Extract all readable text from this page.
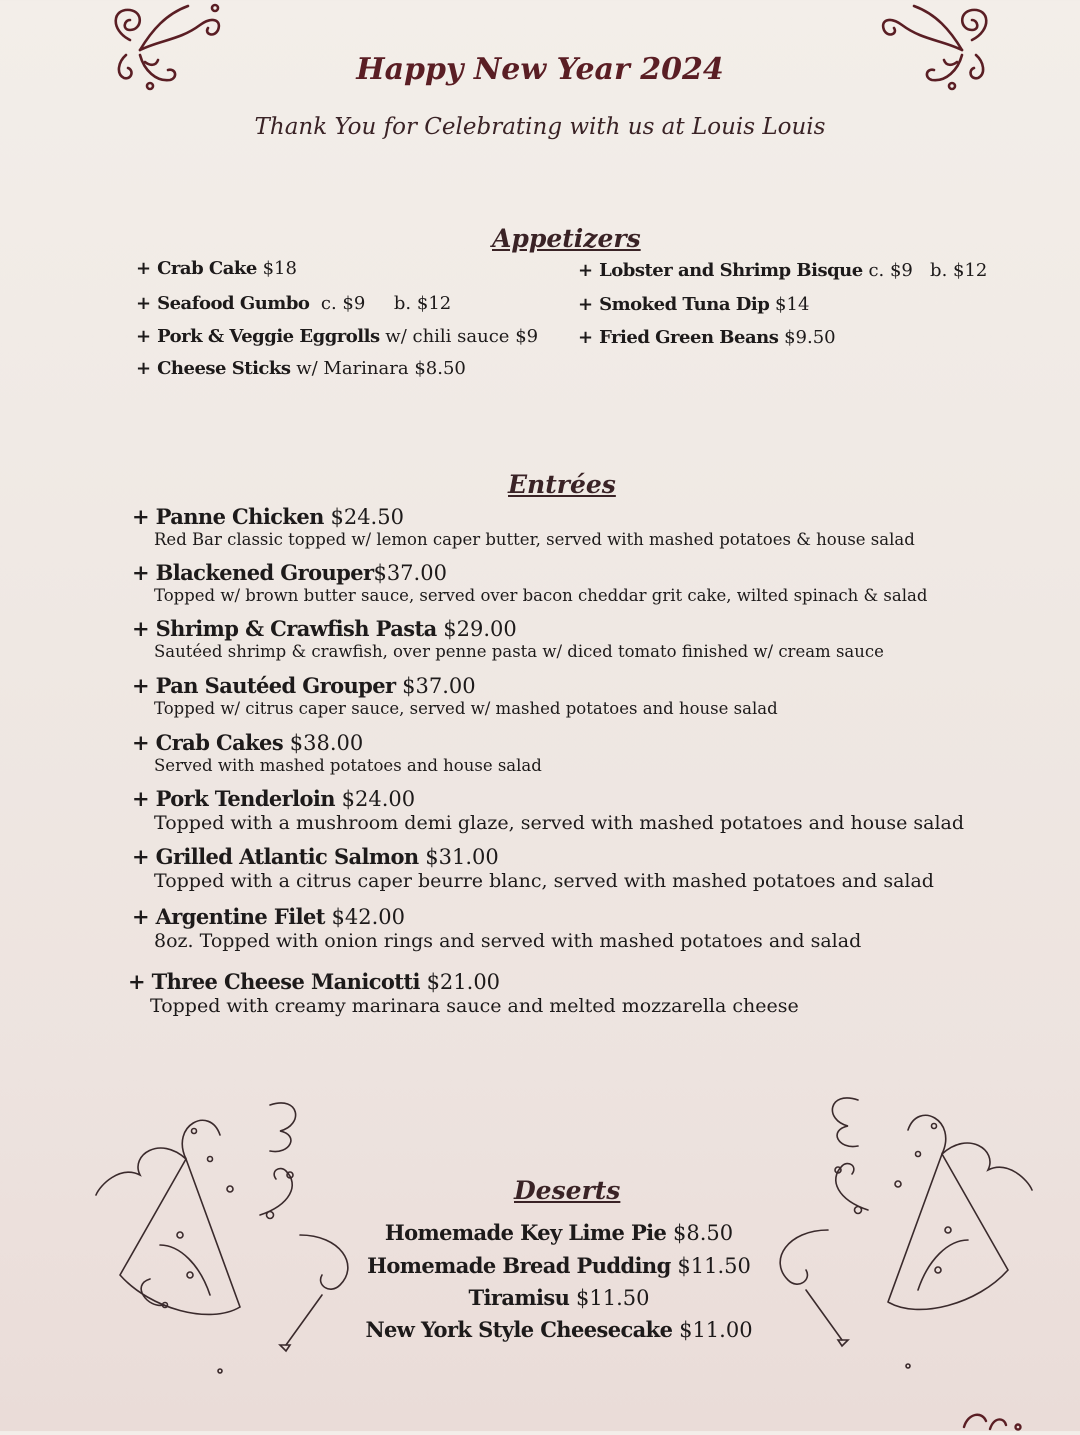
Happy New Year 2024
Thank You for Celebrating with us at Louis Louis
Appetizers
+ Crab Cake $18
+ Seafood Gumbo c. $9     b. $12
+ Pork & Veggie Eggrolls w/ chili sauce $9
+ Cheese Sticks w/ Marinara $8.50
+ Lobster and Shrimp Bisque c. $9   b. $12
+ Smoked Tuna Dip $14
+ Fried Green Beans $9.50
Entrées
+ Panne Chicken $24.50
Red Bar classic topped w/ lemon caper butter, served with mashed potatoes & house salad
+ Blackened Grouper$37.00
Topped w/ brown butter sauce, served over bacon cheddar grit cake, wilted spinach & salad
+ Shrimp & Crawfish Pasta $29.00
Sautéed shrimp & crawfish, over penne pasta w/ diced tomato finished w/ cream sauce
+ Pan Sautéed Grouper $37.00
Topped w/ citrus caper sauce, served w/ mashed potatoes and house salad
+ Crab Cakes $38.00
Served with mashed potatoes and house salad
+ Pork Tenderloin $24.00
Topped with a mushroom demi glaze, served with mashed potatoes and house salad
+ Grilled Atlantic Salmon $31.00
Topped with a citrus caper beurre blanc, served with mashed potatoes and salad
+ Argentine Filet $42.00
8oz. Topped with onion rings and served with mashed potatoes and salad
+ Three Cheese Manicotti $21.00
Topped with creamy marinara sauce and melted mozzarella cheese
Deserts
Homemade Key Lime Pie $8.50
Homemade Bread Pudding $11.50
Tiramisu $11.50
New York Style Cheesecake $11.00
